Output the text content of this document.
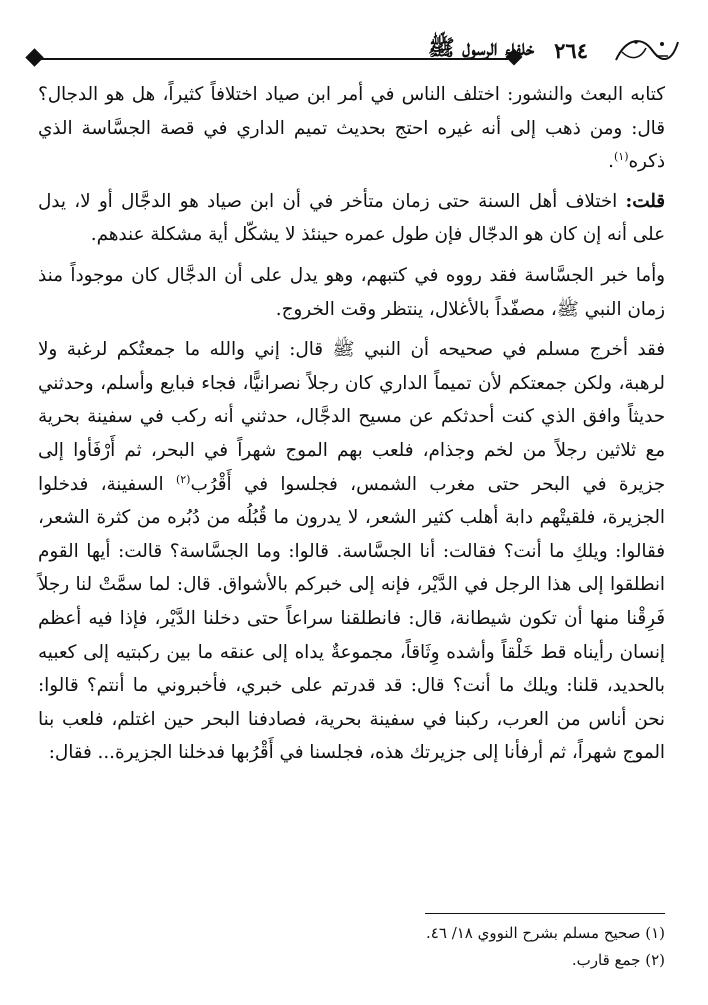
خلفاء الرسول ﷺ ٢٦٤

كتابه البعث والنشور: اختلف الناس في أمر ابن صياد اختلافاً كثيراً، هل هو الدجال؟ قال: ومن ذهب إلى أنه غيره احتج بحديث تميم الداري في قصة الجسَّاسة الذي ذكره$^{(١)}$.

قلت: اختلاف أهل السنة حتى زمان متأخر في أن ابن صياد هو الدجَّال أو لا، يدل على أنه إن كان هو الدجّال فإن طول عمره حينئذ لا يشكّل أية مشكلة عندهم.

وأما خبر الجسَّاسة فقد رووه في كتبهم، وهو يدل على أن الدجَّال كان موجوداً منذ زمان النبي ﷺ، مصفّداً بالأغلال، ينتظر وقت الخروج.

فقد أخرج مسلم في صحيحه أن النبي ﷺ قال: إني والله ما جمعتُكم لرغبة ولا لرهبة، ولكن جمعتكم لأن تميماً الداري كان رجلاً نصرانيًّا، فجاء فبايع وأسلم، وحدثني حديثاً وافق الذي كنت أحدثكم عن مسيح الدجَّال، حدثني أنه ركب في سفينة بحرية مع ثلاثين رجلاً من لخم وجذام، فلعب بهم الموج شهراً في البحر، ثم أَرْفَأوا إلى جزيرة في البحر حتى مغرب الشمس، فجلسوا في أَقْرُب$^{(٢)}$ السفينة، فدخلوا الجزيرة، فلقيتْهم دابة أهلب كثير الشعر، لا يدرون ما قُبُلُه من دُبُره من كثرة الشعر، فقالوا: ويلكِ ما أنت؟ فقالت: أنا الجسَّاسة. قالوا: وما الجسَّاسة؟ قالت: أيها القوم انطلقوا إلى هذا الرجل في الدَّيْر، فإنه إلى خبركم بالأشواق. قال: لما سمَّتْ لنا رجلاً فَرِقْنا منها أن تكون شيطانة، قال: فانطلقنا سراعاً حتى دخلنا الدَّيْر، فإذا فيه أعظم إنسان رأيناه قط خَلْقاً وأشده وِثَاقاً، مجموعةٌ يداه إلى عنقه ما بين ركبتيه إلى كعبيه بالحديد، قلنا: ويلك ما أنت؟ قال: قد قدرتم على خبري، فأخبروني ما أنتم؟ قالوا: نحن أناس من العرب، ركبنا في سفينة بحرية، فصادفنا البحر حين اغتلم، فلعب بنا الموج شهراً، ثم أرفأنا إلى جزيرتك هذه، فجلسنا في أَقْرُبها فدخلنا الجزيرة... فقال:

(١) صحيح مسلم بشرح النووي ١٨/ ٤٦.
(٢) جمع قارب.
